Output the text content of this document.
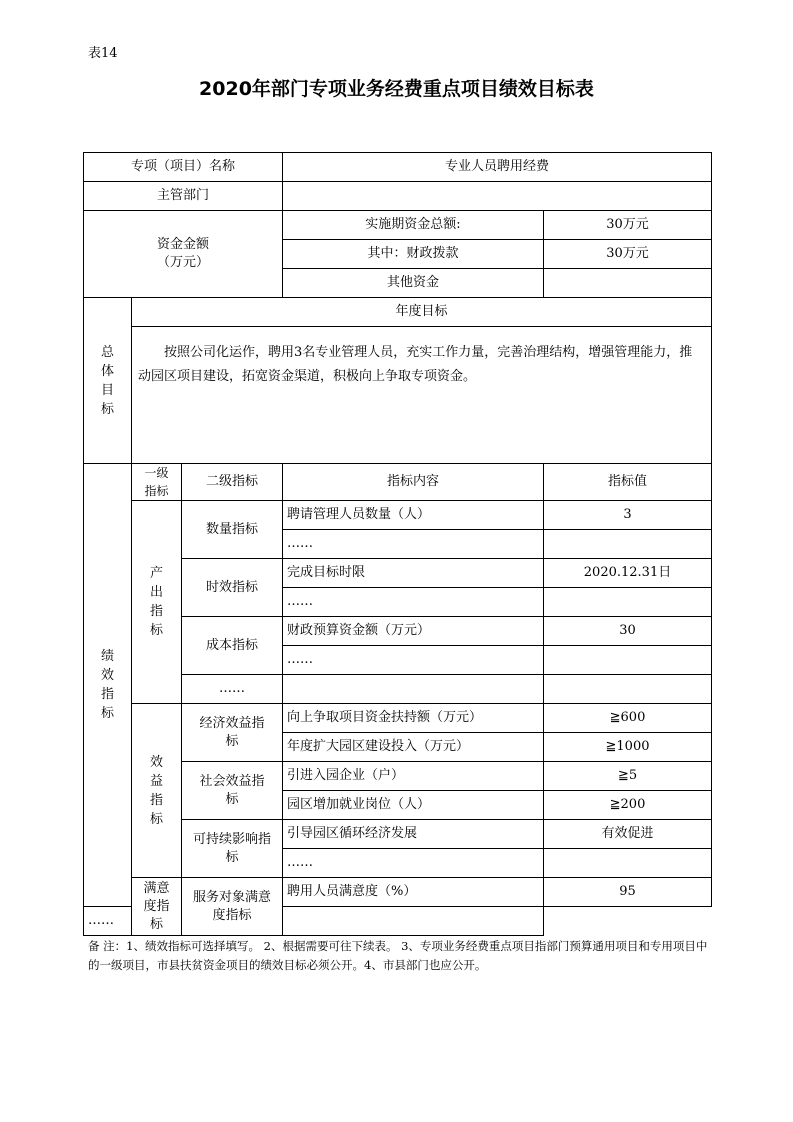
表14
2020年部门专项业务经费重点项目绩效目标表
专项（项目）名称			专业人员聘用经费	
主管部门				

资金金额
（万元）			实施期资金总额:	30万元
			其中：财政拨款	30万元
			其他资金	
总体目标	年度目标			
	按照公司化运作，聘用3名专业管理人员，充实工作力量，完善治理结构，增强管理能力，推动园区项目建设，拓宽资金渠道，积极向上争取专项资金。			
绩效指标	一级指标	二级指标	指标内容	指标值
	产出指标	数量指标	聘请管理人员数量（人）	3
			……	
		时效指标	完成目标时限	2020.12.31日
			……	
		成本指标	财政预算资金额（万元）	30
			……	
		……		
	效益指标	经济效益指标	向上争取项目资金扶持额（万元）	≧600
			年度扩大园区建设投入（万元）	≧1000
		社会效益指标	引进入园企业（户）	≧5
			园区增加就业岗位（人）	≧200
		可持续影响指标	引导园区循环经济发展	有效促进
			……	
	满意度指标	服务对象满意度指标	聘用人员满意度（%）	95
……				
备 注：1、绩效指标可选择填写。 2、根据需要可往下续表。 3、专项业务经费重点项目指部门预算通用项目和专用项目中的一级项目，市县扶贫资金项目的绩效目标必须公开。4、市县部门也应公开。
